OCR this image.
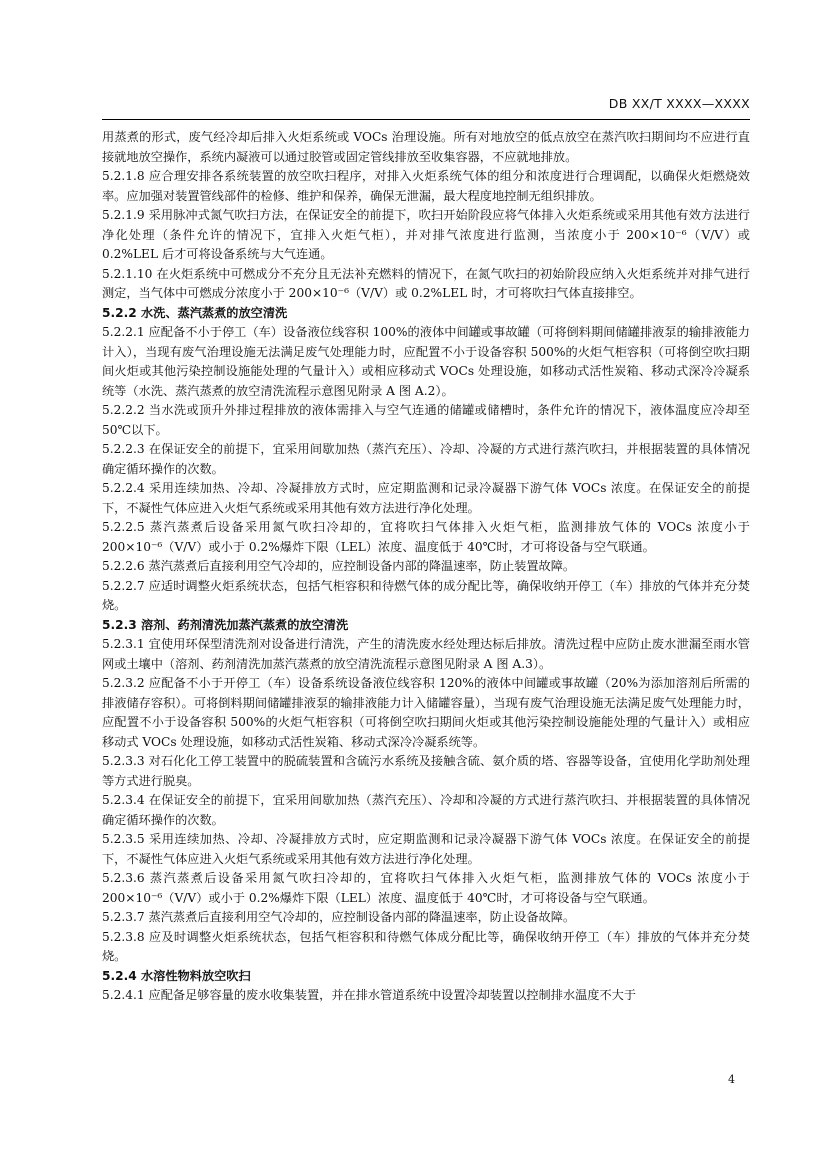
DB XX/T XXXX—XXXX

用蒸煮的形式，废气经冷却后排入火炬系统或 VOCs 治理设施。所有对地放空的低点放空在蒸汽吹扫期间均不应进行直接就地放空操作，系统内凝液可以通过胶管或固定管线排放至收集容器，不应就地排放。

5.2.1.8 应合理安排各系统装置的放空吹扫程序，对排入火炬系统气体的组分和浓度进行合理调配，以确保火炬燃烧效率。应加强对装置管线部件的检修、维护和保养，确保无泄漏，最大程度地控制无组织排放。

5.2.1.9 采用脉冲式氮气吹扫方法，在保证安全的前提下，吹扫开始阶段应将气体排入火炬系统或采用其他有效方法进行净化处理（条件允许的情况下，宜排入火炬气柜），并对排气浓度进行监测，当浓度小于 200×10⁻⁶（V/V）或 0.2%LEL 后才可将设备系统与大气连通。

5.2.1.10 在火炬系统中可燃成分不充分且无法补充燃料的情况下，在氮气吹扫的初始阶段应纳入火炬系统并对排气进行测定，当气体中可燃成分浓度小于 200×10⁻⁶（V/V）或 0.2%LEL 时，才可将吹扫气体直接排空。

5.2.2 水洗、蒸汽蒸煮的放空清洗

5.2.2.1 应配备不小于停工（车）设备液位线容积 100%的液体中间罐或事故罐（可将倒料期间储罐排液泵的输排液能力计入），当现有废气治理设施无法满足废气处理能力时，应配置不小于设备容积 500%的火炬气柜容积（可将倒空吹扫期间火炬或其他污染控制设施能处理的气量计入）或相应移动式 VOCs 处理设施，如移动式活性炭箱、移动式深冷冷凝系统等（水洗、蒸汽蒸煮的放空清洗流程示意图见附录 A 图 A.2）。

5.2.2.2 当水洗或顶升外排过程排放的液体需排入与空气连通的储罐或储槽时，条件允许的情况下，液体温度应冷却至 50℃以下。

5.2.2.3 在保证安全的前提下，宜采用间歇加热（蒸汽充压）、冷却、冷凝的方式进行蒸汽吹扫，并根据装置的具体情况确定循环操作的次数。

5.2.2.4 采用连续加热、冷却、冷凝排放方式时，应定期监测和记录冷凝器下游气体 VOCs 浓度。在保证安全的前提下，不凝性气体应进入火炬气系统或采用其他有效方法进行净化处理。

5.2.2.5 蒸汽蒸煮后设备采用氮气吹扫冷却的，宜将吹扫气体排入火炬气柜，监测排放气体的 VOCs 浓度小于 200×10⁻⁶（V/V）或小于 0.2%爆炸下限（LEL）浓度、温度低于 40℃时，才可将设备与空气联通。

5.2.2.6 蒸汽蒸煮后直接利用空气冷却的，应控制设备内部的降温速率，防止装置故障。

5.2.2.7 应适时调整火炬系统状态，包括气柜容积和待燃气体的成分配比等，确保收纳开停工（车）排放的气体并充分焚烧。

5.2.3 溶剂、药剂清洗加蒸汽蒸煮的放空清洗

5.2.3.1 宜使用环保型清洗剂对设备进行清洗，产生的清洗废水经处理达标后排放。清洗过程中应防止废水泄漏至雨水管网或土壤中（溶剂、药剂清洗加蒸汽蒸煮的放空清洗流程示意图见附录 A 图 A.3）。

5.2.3.2 应配备不小于开停工（车）设备系统设备液位线容积 120%的液体中间罐或事故罐（20%为添加溶剂后所需的排液储存容积）。可将倒料期间储罐排液泵的输排液能力计入储罐容量），当现有废气治理设施无法满足废气处理能力时，应配置不小于设备容积 500%的火炬气柜容积（可将倒空吹扫期间火炬或其他污染控制设施能处理的气量计入）或相应移动式 VOCs 处理设施，如移动式活性炭箱、移动式深冷冷凝系统等。

5.2.3.3 对石化化工停工装置中的脱硫装置和含硫污水系统及接触含硫、氨介质的塔、容器等设备，宜使用化学助剂处理等方式进行脱臭。

5.2.3.4 在保证安全的前提下，宜采用间歇加热（蒸汽充压）、冷却和冷凝的方式进行蒸汽吹扫、并根据装置的具体情况确定循环操作的次数。

5.2.3.5 采用连续加热、冷却、冷凝排放方式时，应定期监测和记录冷凝器下游气体 VOCs 浓度。在保证安全的前提下，不凝性气体应进入火炬气系统或采用其他有效方法进行净化处理。

5.2.3.6 蒸汽蒸煮后设备采用氮气吹扫冷却的，宜将吹扫气体排入火炬气柜，监测排放气体的 VOCs 浓度小于 200×10⁻⁶（V/V）或小于 0.2%爆炸下限（LEL）浓度、温度低于 40℃时，才可将设备与空气联通。

5.2.3.7 蒸汽蒸煮后直接利用空气冷却的，应控制设备内部的降温速率，防止设备故障。

5.2.3.8 应及时调整火炬系统状态，包括气柜容积和待燃气体成分配比等，确保收纳开停工（车）排放的气体并充分焚烧。

5.2.4 水溶性物料放空吹扫

5.2.4.1 应配备足够容量的废水收集装置，并在排水管道系统中设置冷却装置以控制排水温度不大于

4
